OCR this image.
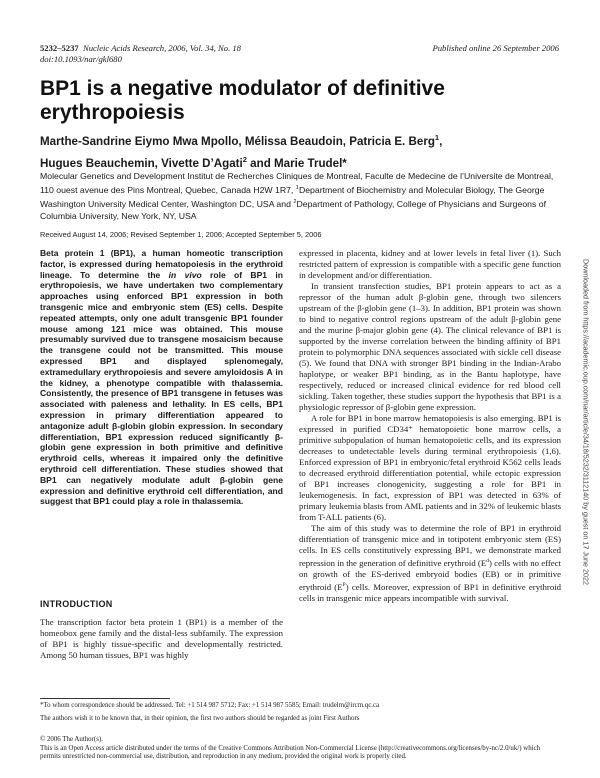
5232–5237 Nucleic Acids Research, 2006, Vol. 34, No. 18
doi:10.1093/nar/gkl680
Published online 26 September 2006
BP1 is a negative modulator of definitive erythropoiesis

Marthe-Sandrine Eiymo Mwa Mpollo, Mélissa Beaudoin, Patricia E. Berg$^1$,
Hugues Beauchemin, Vivette D’Agati$^2$ and Marie Trudel*

Molecular Genetics and Development Institut de Recherches Cliniques de Montreal, Faculte de Medecine de l’Universite de Montreal, 110 ouest avenue des Pins Montreal, Quebec, Canada H2W 1R7, $^1$Department of Biochemistry and Molecular Biology, The George Washington University Medical Center, Washington DC, USA and $^2$Department of Pathology, College of Physicians and Surgeons of Columbia University, New York, NY, USA

Received August 14, 2006; Revised September 1, 2006; Accepted September 5, 2006

Beta protein 1 (BP1), a human homeotic transcription factor, is expressed during hematopoiesis in the erythroid lineage. To determine the in vivo role of BP1 in erythropoiesis, we have undertaken two complementary approaches using enforced BP1 expression in both transgenic mice and embryonic stem (ES) cells. Despite repeated attempts, only one adult transgenic BP1 founder mouse among 121 mice was obtained. This mouse presumably survived due to transgene mosaicism because the transgene could not be transmitted. This mouse expressed BP1 and displayed splenomegaly, extramedullary erythropoiesis and severe amyloidosis A in the kidney, a phenotype compatible with thalassemia. Consistently, the presence of BP1 transgene in fetuses was associated with paleness and lethality. In ES cells, BP1 expression in primary differentiation appeared to antagonize adult β-globin globin expression. In secondary differentiation, BP1 expression reduced significantly β-globin gene expression in both primitive and definitive erythroid cells, whereas it impaired only the definitive erythroid cell differentiation. These studies showed that BP1 can negatively modulate adult β-globin gene expression and definitive erythroid cell differentiation, and suggest that BP1 could play a role in thalassemia.

INTRODUCTION

The transcription factor beta protein 1 (BP1) is a member of the homeobox gene family and the distal-less subfamily. The expression of BP1 is highly tissue-specific and developmentally restricted. Among 50 human tissues, BP1 was highly

expressed in placenta, kidney and at lower levels in fetal liver (1). Such restricted pattern of expression is compatible with a specific gene function in development and/or differentiation.

In transient transfection studies, BP1 protein appears to act as a repressor of the human adult β-globin gene, through two silencers upstream of the β-globin gene (1–3). In addition, BP1 protein was shown to bind to negative control regions upstream of the adult β-globin gene and the murine β-major globin gene (4). The clinical relevance of BP1 is supported by the inverse correlation between the binding affinity of BP1 protein to polymorphic DNA sequences associated with sickle cell disease (5). We found that DNA with stronger BP1 binding in the Indian-Arabo haplotype, or weaker BP1 binding, as in the Bantu haplotype, have respectively, reduced or increased clinical evidence for red blood cell sickling. Taken together, these studies support the hypothesis that BP1 is a physiologic repressor of β-globin gene expression.

A role for BP1 in bone marrow hematopoiesis is also emerging. BP1 is expressed in purified CD34⁺ hematopoietic bone marrow cells, a primitive subpopulation of human hematopoietic cells, and its expression decreases to undetectable levels during terminal erythropoiesis (1,6). Enforced expression of BP1 in embryonic/fetal erythroid K562 cells leads to decreased erythroid differentiation potential, while ectopic expression of BP1 increases clonogenicity, suggesting a role for BP1 in leukemogenesis. In fact, expression of BP1 was detected in 63% of primary leukemia blasts from AML patients and in 32% of leukemic blasts from T-ALL patients (6).

The aim of this study was to determine the role of BP1 in erythroid differentiation of transgenic mice and in totipotent embryonic stem (ES) cells. In ES cells constitutively expressing BP1, we demonstrate marked repression in the generation of definitive erythroid $(E^d)$ cells with no effect on growth of the ES-derived embryoid bodies (EB) or in primitive erythroid $(E^P)$ cells. Moreover, expression of BP1 in definitive erythroid cells in transgenic mice appears incompatible with survival.

*To whom correspondence should be addressed. Tel: +1 514 987 5712; Fax: +1 514 987 5585; Email: trudelm@ircm.qc.ca

The authors wish it to be known that, in their opinion, the first two authors should be regarded as joint First Authors

© 2006 The Author(s).

This is an Open Access article distributed under the terms of the Creative Commons Attribution Non-Commercial License (http://creativecommons.org/licenses/by-nc/2.0/uk/) which permits unrestricted non-commercial use, distribution, and reproduction in any medium, provided the original work is properly cited.

Downloaded from https://academic.oup.com/nar/article/34/18/5232/3112140 by guest on 17 June 2022
